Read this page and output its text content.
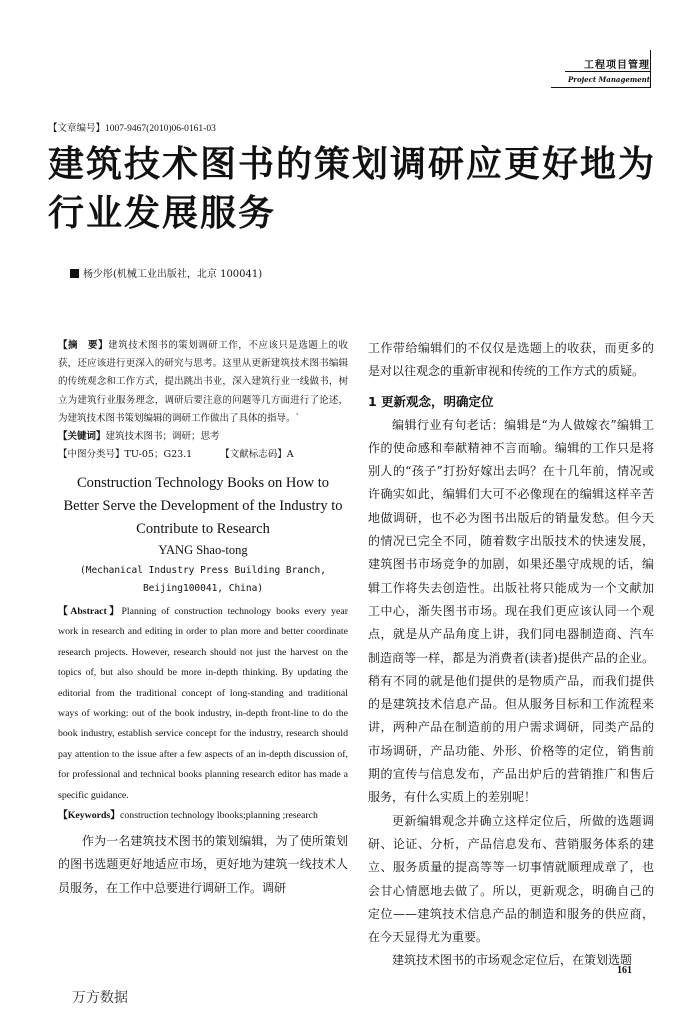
工程项目管理
Project Management
【文章编号】1007-9467(2010)06-0161-03
建筑技术图书的策划调研应更好地为行业发展服务
杨少彤(机械工业出版社，北京 100041)
【摘　要】建筑技术图书的策划调研工作，不应该只是选题上的收获，还应该进行更深入的研究与思考。这里从更新建筑技术图书编辑的传统观念和工作方式，提出跳出书业，深入建筑行业一线做书，树立为建筑行业服务理念，调研后要注意的问题等几方面进行了论述，为建筑技术图书策划编辑的调研工作做出了具体的指导。`
【关键词】建筑技术图书；调研；思考
【中图分类号】TU-05；G23.1	【文献标志码】A
Construction Technology Books on How to
Better Serve the Development of the Industry to
Contribute to Research
YANG Shao-tong
(Mechanical Industry Press Building Branch,
Beijing100041, China)
【Abstract】Planning of construction technology books every year work in research and editing in order to plan more and better coordinate research projects. However, research should not just the harvest on the topics of, but also should be more in-depth thinking. By updating the editorial from the traditional concept of long-standing and traditional ways of working: out of the book industry, in-depth front-line to do the book industry, establish service concept for the industry, research should pay attention to the issue after a few aspects of an in-depth discussion of, for professional and technical books planning research editor has made a specific guidance.
【Keywords】construction technology lbooks;planning ;research

作为一名建筑技术图书的策划编辑，为了使所策划的图书选题更好地适应市场，更好地为建筑一线技术人员服务，在工作中总要进行调研工作。调研

工作带给编辑们的不仅仅是选题上的收获，而更多的是对以往观念的重新审视和传统的工作方式的质疑。

1 更新观念，明确定位

编辑行业有句老话：编辑是“为人做嫁衣”编辑工作的使命感和奉献精神不言而喻。编辑的工作只是将别人的“孩子”打扮好嫁出去吗？在十几年前，情况或许确实如此，编辑们大可不必像现在的编辑这样辛苦地做调研，也不必为图书出版后的销量发愁。但今天的情况已完全不同，随着数字出版技术的快速发展，建筑图书市场竞争的加剧，如果还墨守成规的话，编辑工作将失去创造性。出版社将只能成为一个文献加工中心，渐失图书市场。现在我们更应该认同一个观点，就是从产品角度上讲，我们同电器制造商、汽车制造商等一样，都是为消费者(读者)提供产品的企业。稍有不同的就是他们提供的是物质产品，而我们提供的是建筑技术信息产品。但从服务目标和工作流程来讲，两种产品在制造前的用户需求调研，同类产品的市场调研，产品功能、外形、价格等的定位，销售前期的宣传与信息发布，产品出炉后的营销推广和售后服务，有什么实质上的差别呢！

更新编辑观念并确立这样定位后，所做的选题调研、论证、分析，产品信息发布、营销服务体系的建立、服务质量的提高等等一切事情就顺理成章了，也会甘心情愿地去做了。所以，更新观念，明确自己的定位——建筑技术信息产品的制造和服务的供应商，在今天显得尤为重要。

建筑技术图书的市场观念定位后，在策划选题

161
万方数据
